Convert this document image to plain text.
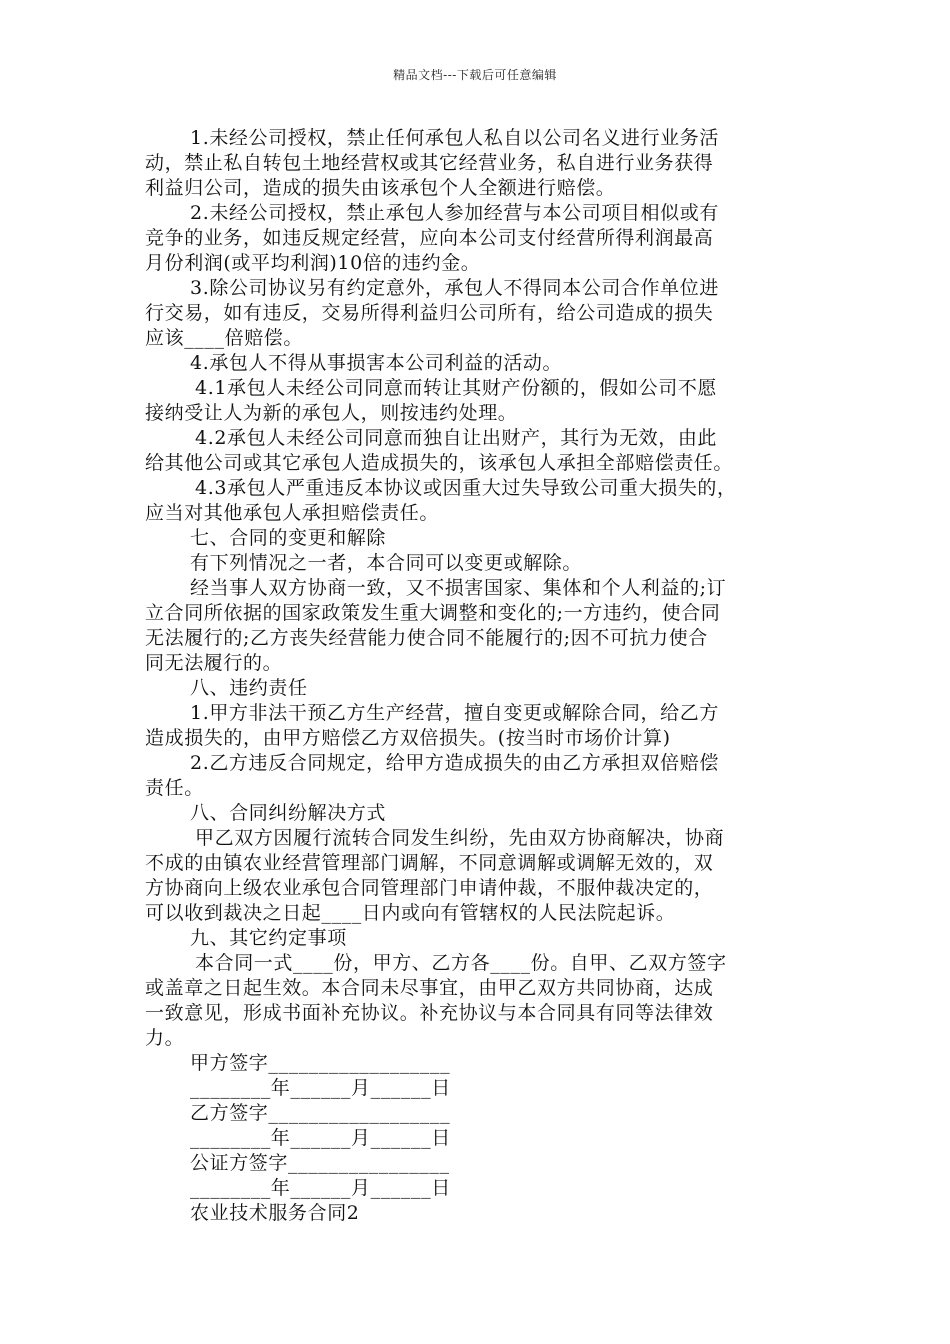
精品文档---下载后可任意编辑
1.未经公司授权，禁止任何承包人私自以公司名义进行业务活
动，禁止私自转包土地经营权或其它经营业务，私自进行业务获得
利益归公司，造成的损失由该承包个人全额进行赔偿。
2.未经公司授权，禁止承包人参加经营与本公司项目相似或有
竞争的业务，如违反规定经营，应向本公司支付经营所得利润最高
月份利润(或平均利润)10倍的违约金。
3.除公司协议另有约定意外，承包人不得同本公司合作单位进
行交易，如有违反，交易所得利益归公司所有，给公司造成的损失
应该____倍赔偿。
4.承包人不得从事损害本公司利益的活动。
4.1承包人未经公司同意而转让其财产份额的，假如公司不愿
接纳受让人为新的承包人，则按违约处理。
4.2承包人未经公司同意而独自让出财产，其行为无效，由此
给其他公司或其它承包人造成损失的，该承包人承担全部赔偿责任。
4.3承包人严重违反本协议或因重大过失导致公司重大损失的，
应当对其他承包人承担赔偿责任。
七、合同的变更和解除
有下列情况之一者，本合同可以变更或解除。
经当事人双方协商一致，又不损害国家、集体和个人利益的;订
立合同所依据的国家政策发生重大调整和变化的;一方违约，使合同
无法履行的;乙方丧失经营能力使合同不能履行的;因不可抗力使合
同无法履行的。
八、违约责任
1.甲方非法干预乙方生产经营，擅自变更或解除合同，给乙方
造成损失的，由甲方赔偿乙方双倍损失。(按当时市场价计算)
2.乙方违反合同规定，给甲方造成损失的由乙方承担双倍赔偿
责任。
八、合同纠纷解决方式
甲乙双方因履行流转合同发生纠纷，先由双方协商解决，协商
不成的由镇农业经营管理部门调解，不同意调解或调解无效的，双
方协商向上级农业承包合同管理部门申请仲裁，不服仲裁决定的，
可以收到裁决之日起____日内或向有管辖权的人民法院起诉。
九、其它约定事项
本合同一式____份，甲方、乙方各____份。自甲、乙双方签字
或盖章之日起生效。本合同未尽事宜，由甲乙双方共同协商，达成
一致意见，形成书面补充协议。补充协议与本合同具有同等法律效
力。
甲方签字__________________
________年______月______日
乙方签字__________________
________年______月______日
公证方签字________________
________年______月______日
农业技术服务合同2
